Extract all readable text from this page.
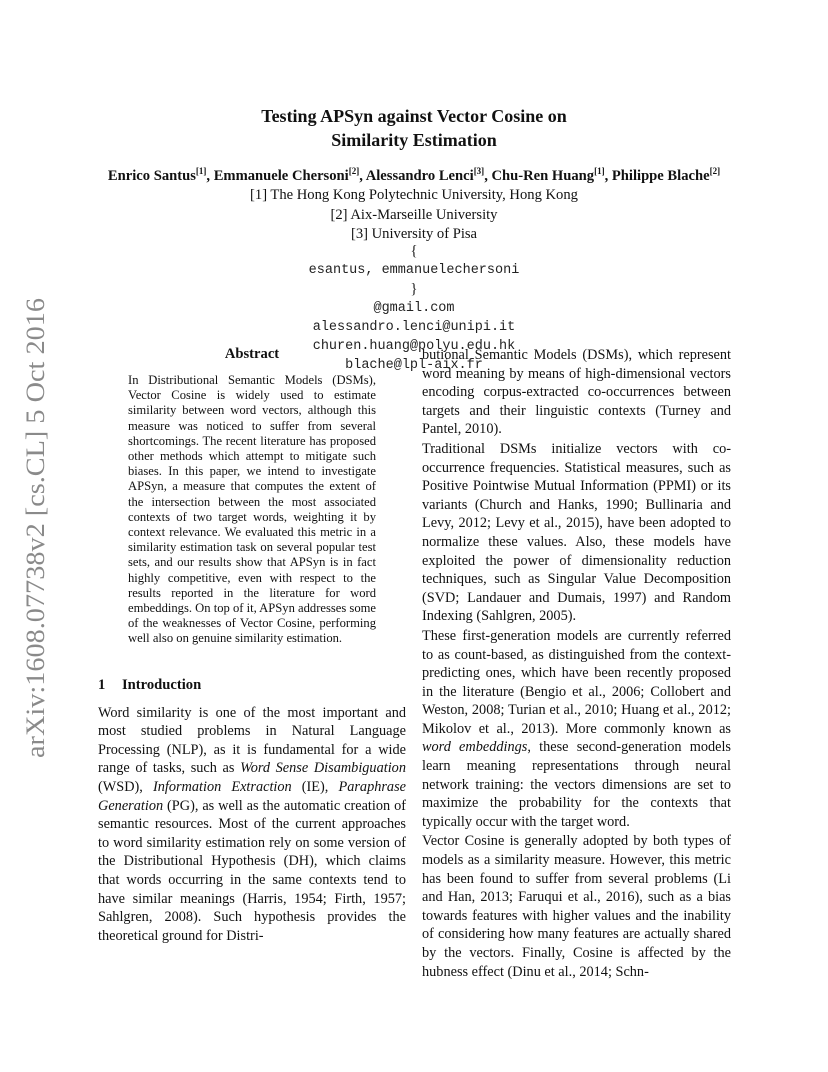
arXiv:1608.07738v2 [cs.CL] 5 Oct 2016
Testing APSyn against Vector Cosine on
Similarity Estimation
Enrico Santus[1], Emmanuele Chersoni[2], Alessandro Lenci[3], Chu-Ren Huang[1], Philippe Blache[2]
[1] The Hong Kong Polytechnic University, Hong Kong
[2] Aix-Marseille University
[3] University of Pisa
{
esantus, emmanuelechersoni
}
@gmail.com
alessandro.lenci@unipi.it
churen.huang@polyu.edu.hk
blache@lpl-aix.fr
Abstract
In Distributional Semantic Models (DSMs), Vector Cosine is widely used to estimate similarity between word vectors, although this measure was noticed to suffer from several shortcomings. The recent literature has proposed other methods which attempt to mitigate such biases. In this paper, we intend to investigate APSyn, a measure that computes the extent of the intersection between the most associated contexts of two target words, weighting it by context relevance. We evaluated this metric in a similarity estimation task on several popular test sets, and our results show that APSyn is in fact highly competitive, even with respect to the results reported in the literature for word embeddings. On top of it, APSyn addresses some of the weaknesses of Vector Cosine, performing well also on genuine similarity estimation.
1 Introduction

Word similarity is one of the most important and most studied problems in Natural Language Processing (NLP), as it is fundamental for a wide range of tasks, such as Word Sense Disambiguation (WSD), Information Extraction (IE), Paraphrase Generation (PG), as well as the automatic creation of semantic resources. Most of the current approaches to word similarity estimation rely on some version of the Distributional Hypothesis (DH), which claims that words occurring in the same contexts tend to have similar meanings (Harris, 1954; Firth, 1957; Sahlgren, 2008). Such hypothesis provides the theoretical ground for Distri-

butional Semantic Models (DSMs), which represent word meaning by means of high-dimensional vectors encoding corpus-extracted co-occurrences between targets and their linguistic contexts (Turney and Pantel, 2010).

Traditional DSMs initialize vectors with co-occurrence frequencies. Statistical measures, such as Positive Pointwise Mutual Information (PPMI) or its variants (Church and Hanks, 1990; Bullinaria and Levy, 2012; Levy et al., 2015), have been adopted to normalize these values. Also, these models have exploited the power of dimensionality reduction techniques, such as Singular Value Decomposition (SVD; Landauer and Dumais, 1997) and Random Indexing (Sahlgren, 2005).

These first-generation models are currently referred to as count-based, as distinguished from the context-predicting ones, which have been recently proposed in the literature (Bengio et al., 2006; Collobert and Weston, 2008; Turian et al., 2010; Huang et al., 2012; Mikolov et al., 2013). More commonly known as word embeddings, these second-generation models learn meaning representations through neural network training: the vectors dimensions are set to maximize the probability for the contexts that typically occur with the target word.

Vector Cosine is generally adopted by both types of models as a similarity measure. However, this metric has been found to suffer from several problems (Li and Han, 2013; Faruqui et al., 2016), such as a bias towards features with higher values and the inability of considering how many features are actually shared by the vectors. Finally, Cosine is affected by the hubness effect (Dinu et al., 2014; Schn-
